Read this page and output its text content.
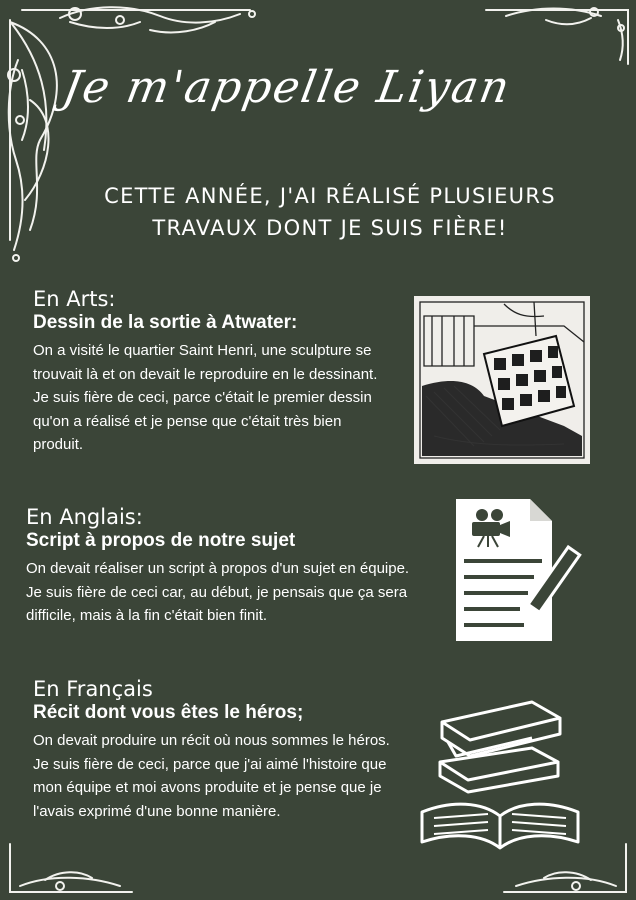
Je m'appelle Liyan
CETTE ANNÉE, J'AI RÉALISÉ PLUSIEURS
TRAVAUX DONT JE SUIS FIÈRE!
En Arts:
Dessin de la sortie à Atwater:
On a visité le quartier Saint Henri, une sculpture se trouvait là et on devait le reproduire en le dessinant. Je suis fière de ceci, parce c'était le premier dessin qu'on a réalisé et je pense que c'était très bien produit.
En Anglais:
Script à propos de notre sujet
On devait réaliser un script à propos d'un sujet en équipe. Je suis fière de ceci car, au début, je pensais que ça sera difficile, mais à la fin c'était bien finit.
En Français
Récit dont vous êtes le héros;
On devait produire un récit où nous sommes le héros. Je suis fière de ceci, parce que j'ai aimé l'histoire que mon équipe et moi avons produite et je pense que je l'avais exprimé d'une bonne manière.
